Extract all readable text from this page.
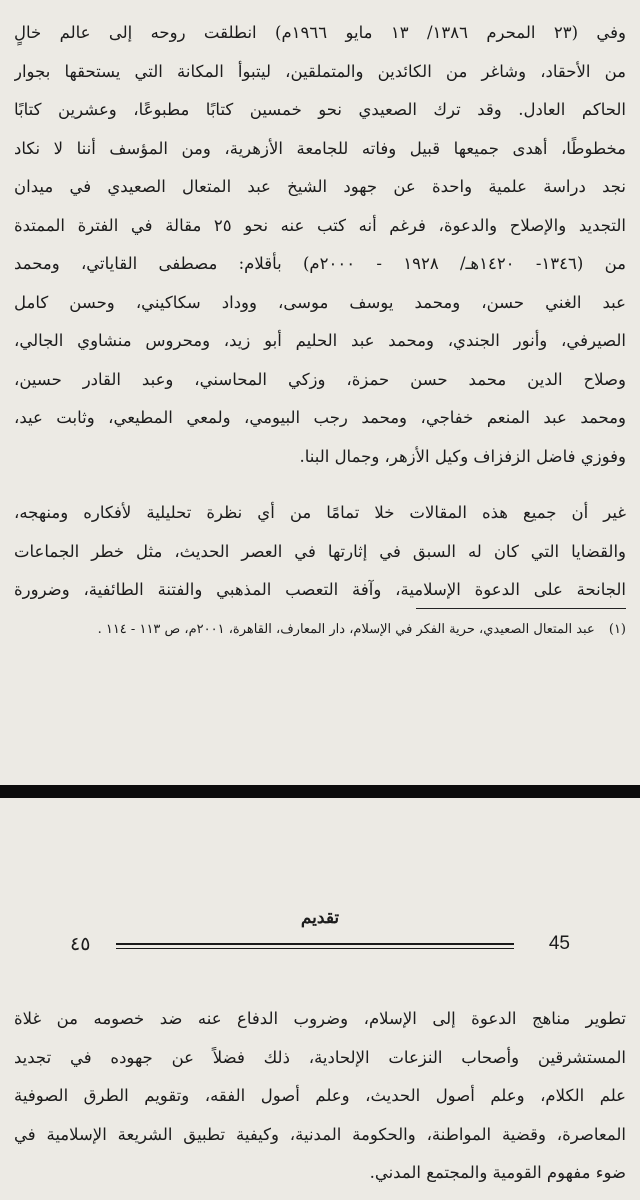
وفي (٢٣ المحرم ١٣٨٦/ ١٣ مايو ١٩٦٦م) انطلقت روحه إلى عالم خالٍ
من الأحقاد، وشاغر من الكائدين والمتملقين، ليتبوأ المكانة التي يستحقها بجوار
الحاكم العادل. وقد ترك الصعيدي نحو خمسين كتابًا مطبوعًا، وعشرين كتابًا
مخطوطًا، أهدى جميعها قبيل وفاته للجامعة الأزهرية، ومن المؤسف أننا لا نكاد
نجد دراسة علمية واحدة عن جهود الشيخ عبد المتعال الصعيدي في ميدان
التجديد والإصلاح والدعوة، فرغم أنه كتب عنه نحو ٢٥ مقالة في الفترة الممتدة
من (١٣٤٦- ١٤٢٠هـ/ ١٩٢٨ - ٢٠٠٠م) بأقلام: مصطفى القاياتي، ومحمد
عبد الغني حسن، ومحمد يوسف موسى، ووداد سكاكيني، وحسن كامل
الصيرفي، وأنور الجندي، ومحمد عبد الحليم أبو زيد، ومحروس منشاوي الجالي،
وصلاح الدين محمد حسن حمزة، وزكي المحاسني، وعبد القادر حسين،
ومحمد عبد المنعم خفاجي، ومحمد رجب البيومي، ولمعي المطيعي، وثابت عيد،
وفوزي فاضل الزفزاف وكيل الأزهر، وجمال البنا.
غير أن جميع هذه المقالات خلا تمامًا من أي نظرة تحليلية لأفكاره ومنهجه،
والقضايا التي كان له السبق في إثارتها في العصر الحديث، مثل خطر الجماعات
الجانحة على الدعوة الإسلامية، وآفة التعصب المذهبي والفتنة الطائفية، وضرورة
(١) عبد المتعال الصعيدي، حرية الفكر في الإسلام، دار المعارف، القاهرة، ٢٠٠١م، ص ١١٣ - ١١٤ .
تقديم
٤٥	45
تطوير مناهج الدعوة إلى الإسلام، وضروب الدفاع عنه ضد خصومه من غلاة
المستشرقين وأصحاب النزعات الإلحادية، ذلك فضلاً عن جهوده في تجديد
علم الكلام، وعلم أصول الحديث، وعلم أصول الفقه، وتقويم الطرق الصوفية
المعاصرة، وقضية المواطنة، والحكومة المدنية، وكيفية تطبيق الشريعة الإسلامية في
ضوء مفهوم القومية والمجتمع المدني.
